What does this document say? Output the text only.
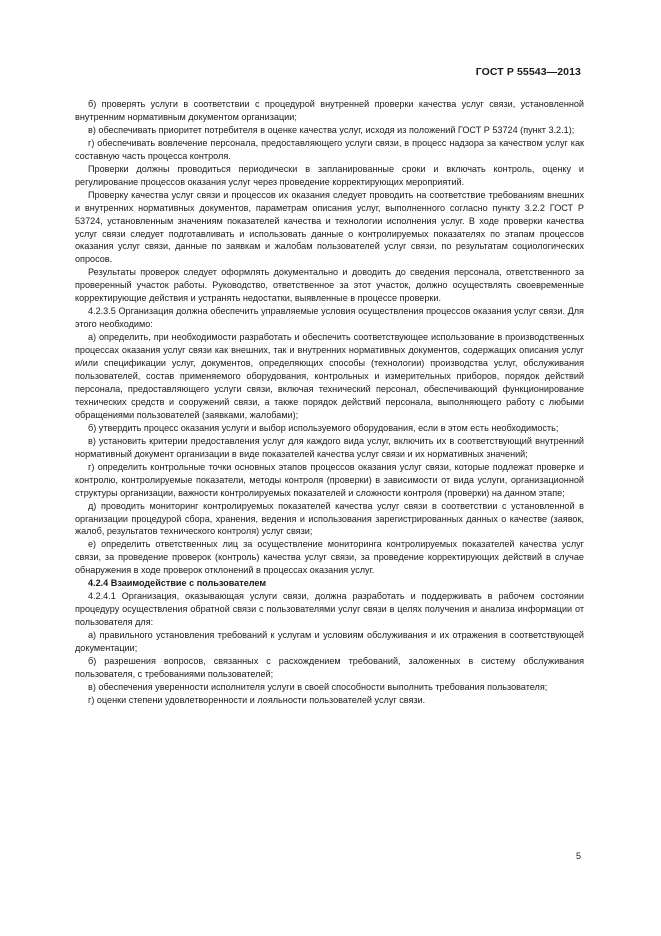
ГОСТ Р 55543—2013

б) проверять услуги в соответствии с процедурой внутренней проверки качества услуг связи, установленной внутренним нормативным документом организации;

в) обеспечивать приоритет потребителя в оценке качества услуг, исходя из положений ГОСТ Р 53724 (пункт 3.2.1);

г) обеспечивать вовлечение персонала, предоставляющего услуги связи, в процесс надзора за качеством услуг как составную часть процесса контроля.

Проверки должны проводиться периодически в запланированные сроки и включать контроль, оценку и регулирование процессов оказания услуг через проведение корректирующих мероприятий.

Проверку качества услуг связи и процессов их оказания следует проводить на соответствие требованиям внешних и внутренних нормативных документов, параметрам описания услуг, выполненного согласно пункту 3.2.2 ГОСТ Р 53724, установленным значениям показателей качества и технологии исполнения услуг. В ходе проверки качества услуг связи следует подготавливать и использовать данные о контролируемых показателях по этапам процессов оказания услуг связи, данные по заявкам и жалобам пользователей услуг связи, по результатам социологических опросов.

Результаты проверок следует оформлять документально и доводить до сведения персонала, ответственного за проверенный участок работы. Руководство, ответственное за этот участок, должно осуществлять своевременные корректирующие действия и устранять недостатки, выявленные в процессе проверки.

4.2.3.5 Организация должна обеспечить управляемые условия осуществления процессов оказания услуг связи. Для этого необходимо:

а) определить, при необходимости разработать и обеспечить соответствующее использование в производственных процессах оказания услуг связи как внешних, так и внутренних нормативных документов, содержащих описания услуг и/или спецификации услуг, документов, определяющих способы (технологии) производства услуг, обслуживания пользователей, состав применяемого оборудования, контрольных и измерительных приборов, порядок действий персонала, предоставляющего услуги связи, включая технический персонал, обеспечивающий функционирование технических средств и сооружений связи, а также порядок действий персонала, выполняющего работу с любыми обращениями пользователей (заявками, жалобами);

б) утвердить процесс оказания услуги и выбор используемого оборудования, если в этом есть необходимость;

в) установить критерии предоставления услуг для каждого вида услуг, включить их в соответствующий внутренний нормативный документ организации в виде показателей качества услуг связи и их нормативных значений;

г) определить контрольные точки основных этапов процессов оказания услуг связи, которые подлежат проверке и контролю, контролируемые показатели, методы контроля (проверки) в зависимости от вида услуги, организационной структуры организации, важности контролируемых показателей и сложности контроля (проверки) на данном этапе;

д) проводить мониторинг контролируемых показателей качества услуг связи в соответствии с установленной в организации процедурой сбора, хранения, ведения и использования зарегистрированных данных о качестве (заявок, жалоб, результатов технического контроля) услуг связи;

е) определить ответственных лиц за осуществление мониторинга контролируемых показателей качества услуг связи, за проведение проверок (контроль) качества услуг связи, за проведение корректирующих действий в случае обнаружения в ходе проверок отклонений в процессах оказания услуг.

4.2.4 Взаимодействие с пользователем

4.2.4.1 Организация, оказывающая услуги связи, должна разработать и поддерживать в рабочем состоянии процедуру осуществления обратной связи с пользователями услуг связи в целях получения и анализа информации от пользователя для:

а) правильного установления требований к услугам и условиям обслуживания и их отражения в соответствующей документации;

б) разрешения вопросов, связанных с расхождением требований, заложенных в систему обслуживания пользователя, с требованиями пользователей;

в) обеспечения уверенности исполнителя услуги в своей способности выполнить требования пользователя;

г) оценки степени удовлетворенности и лояльности пользователей услуг связи.

5
